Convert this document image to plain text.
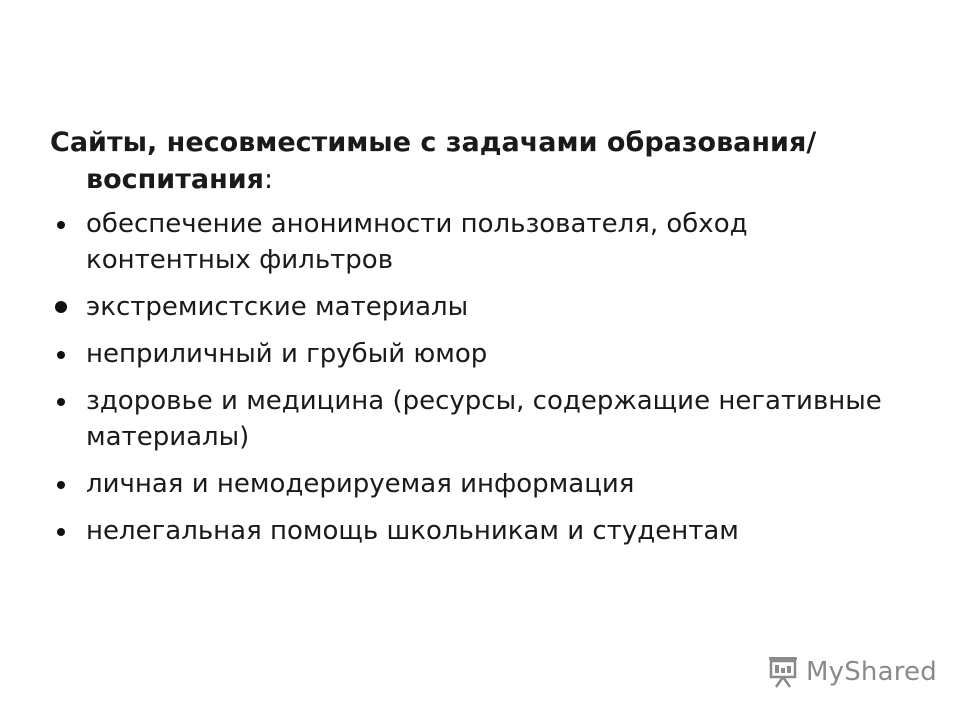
Сайты, несовместимые с задачами образования/воспитания:
обеспечение анонимности пользователя, обход контентных фильтров
экстремистские материалы
неприличный и грубый юмор
здоровье и медицина (ресурсы, содержащие негативные материалы)
личная и немодерируемая информация
нелегальная помощь школьникам и студентам
MyShared
